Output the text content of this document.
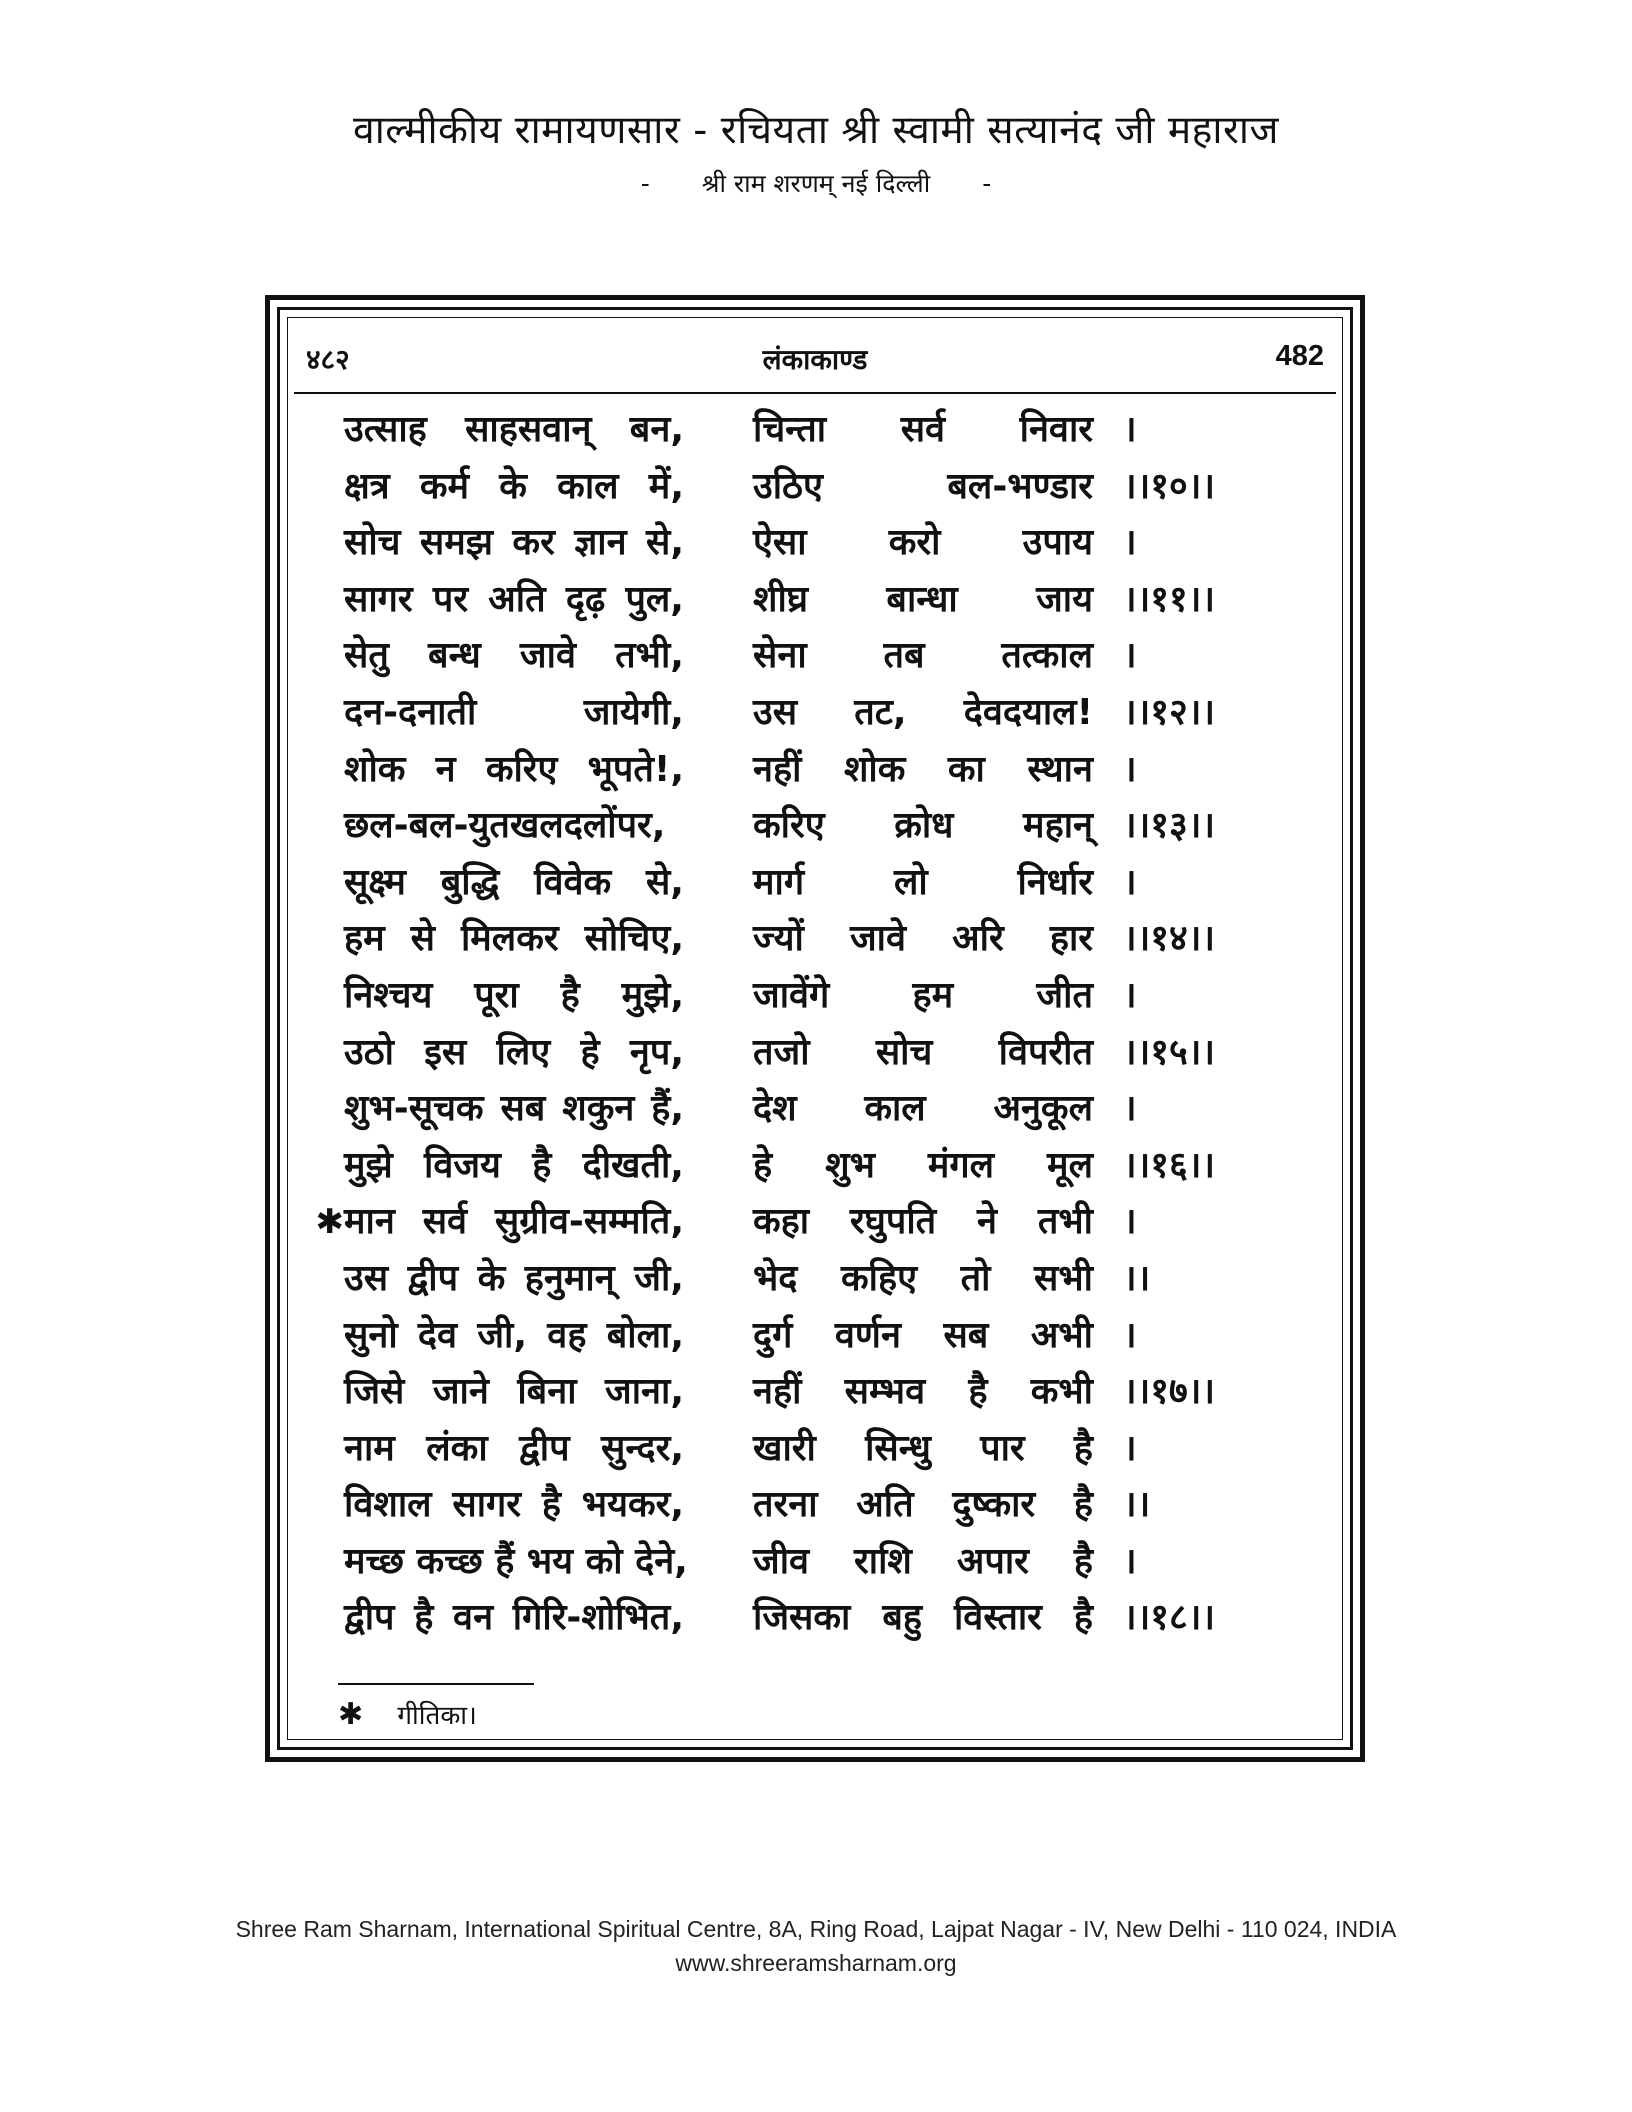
वाल्मीकीय रामायणसार - रचियता श्री स्वामी सत्यानंद जी महाराज
- श्री राम शरणम् नई दिल्ली -
४८२	लंकाकाण्ड	482
उत्साह साहसवान् बन, चिन्ता सर्व निवार ।
क्षत्र कर्म के काल में, उठिए बल-भण्डार ।।१०।।
सोच समझ कर ज्ञान से, ऐसा करो उपाय ।
सागर पर अति दृढ़ पुल, शीघ्र बान्धा जाय ।।११।।
सेतु बन्ध जावे तभी, सेना तब तत्काल ।
दन-दनाती जायेगी, उस तट, देवदयाल! ।।१२।।
शोक न करिए भूपते!, नहीं शोक का स्थान ।
छल-बल-युतखलदलोंपर,	करिए क्रोध महान् ।।१३।।
सूक्ष्म बुद्धि विवेक से, मार्ग लो निर्धार ।
हम से मिलकर सोचिए, ज्यों जावे अरि हार ।।१४।।
निश्चय पूरा है मुझे, जावेंगे हम जीत ।
उठो इस लिए हे नृप, तजो सोच विपरीत ।।१५।।
शुभ-सूचक सब शकुन हैं, देश काल अनुकूल ।
मुझे विजय है दीखती, हे शुभ मंगल मूल ।।१६।।
✱ मान सर्व सुग्रीव-सम्मति, कहा रघुपति ने तभी ।
उस द्वीप के हनुमान् जी, भेद कहिए तो सभी ।।
सुनो देव जी, वह बोला, दुर्ग वर्णन सब अभी ।
जिसे जाने बिना जाना, नहीं सम्भव है कभी ।।१७।।
नाम लंका द्वीप सुन्दर, खारी सिन्धु पार है ।
विशाल सागर है भयकर, तरना अति दुष्कार है ।।
मच्छ कच्छ हैं भय को देने, जीव राशि अपार है ।
द्वीप है वन गिरि-शोभित, जिसका बहु विस्तार है ।।१८।।
✱ गीतिका।
Shree Ram Sharnam, International Spiritual Centre, 8A, Ring Road, Lajpat Nagar - IV, New Delhi - 110 024, INDIA
www.shreeramsharnam.org
